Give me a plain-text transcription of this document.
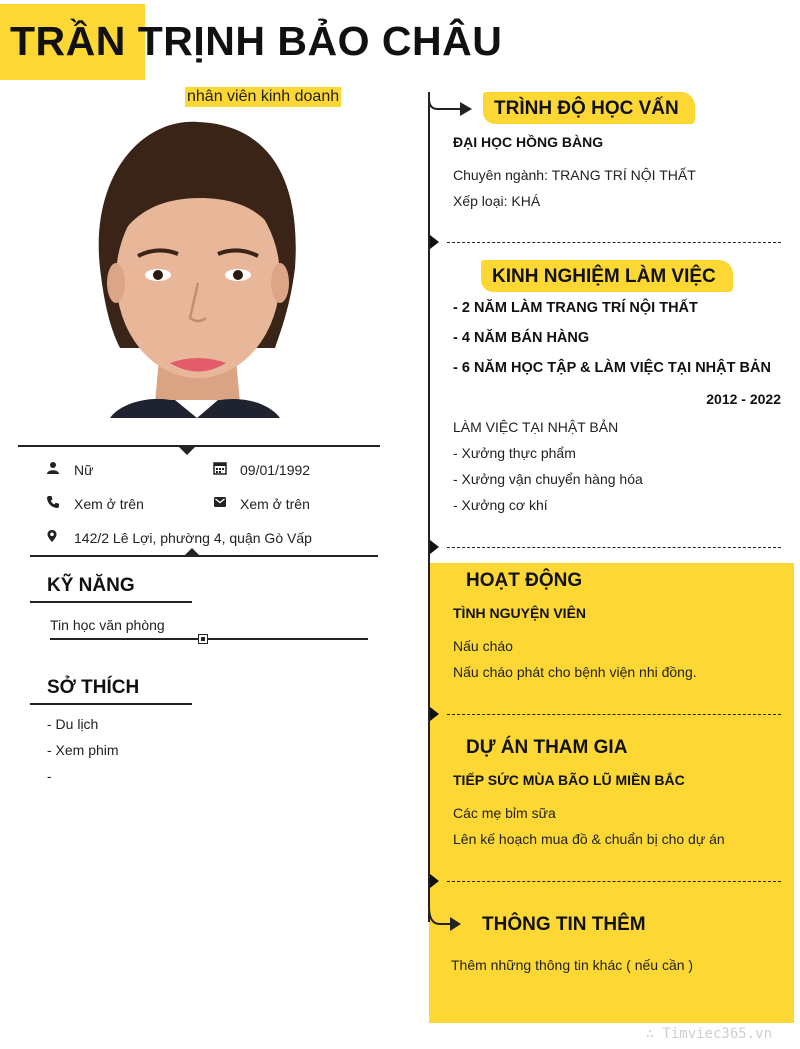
TRẦN TRỊNH BẢO CHÂU
nhân viên kinh doanh
Nữ	09/01/1992
Xem ở trên	Xem ở trên
142/2 Lê Lợi, phường 4, quận Gò Vấp
KỸ NĂNG
Tin học văn phòng
SỞ THÍCH
- Du lịch
- Xem phim
-
TRÌNH ĐỘ HỌC VẤN
ĐẠI HỌC HỒNG BÀNG
Chuyên ngành: TRANG TRÍ NỘI THẤT
Xếp loại: KHÁ
KINH NGHIỆM LÀM VIỆC
- 2 NĂM LÀM TRANG TRÍ NỘI THẤT
- 4 NĂM BÁN HÀNG
- 6 NĂM HỌC TẬP & LÀM VIỆC TẠI NHẬT BẢN
2012 - 2022
LÀM VIỆC TẠI NHẬT BẢN
- Xưởng thực phẩm
- Xưởng vận chuyển hàng hóa
- Xưởng cơ khí
HOẠT ĐỘNG
TÌNH NGUYỆN VIÊN
Nấu cháo
Nấu cháo phát cho bệnh viện nhi đồng.
DỰ ÁN THAM GIA
TIẾP SỨC MÙA BÃO LŨ MIỀN BẮC
Các mẹ bỉm sữa
Lên kế hoạch mua đồ & chuẩn bị cho dự án
THÔNG TIN THÊM
Thêm những thông tin khác ( nếu cần )
∴ Timviec365.vn
